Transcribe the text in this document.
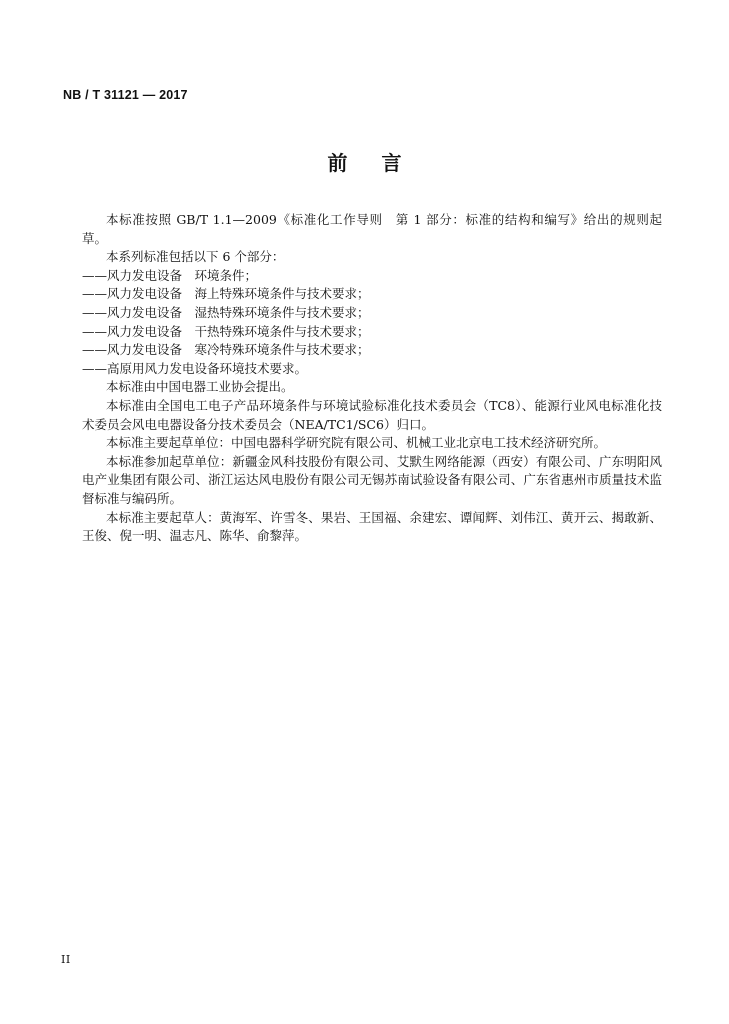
NB / T 31121 — 2017
前言

本标准按照 GB/T 1.1—2009《标准化工作导则　第 1 部分：标准的结构和编写》给出的规则起草。

本系列标准包括以下 6 个部分：

——风力发电设备　环境条件；

——风力发电设备　海上特殊环境条件与技术要求；

——风力发电设备　湿热特殊环境条件与技术要求；

——风力发电设备　干热特殊环境条件与技术要求；

——风力发电设备　寒冷特殊环境条件与技术要求；

——高原用风力发电设备环境技术要求。

本标准由中国电器工业协会提出。

本标准由全国电工电子产品环境条件与环境试验标准化技术委员会（TC8）、能源行业风电标准化技术委员会风电电器设备分技术委员会（NEA/TC1/SC6）归口。

本标准主要起草单位：中国电器科学研究院有限公司、机械工业北京电工技术经济研究所。

本标准参加起草单位：新疆金风科技股份有限公司、艾默生网络能源（西安）有限公司、广东明阳风电产业集团有限公司、浙江运达风电股份有限公司无锡苏南试验设备有限公司、广东省惠州市质量技术监督标准与编码所。

本标准主要起草人：黄海军、许雪冬、果岩、王国福、余建宏、谭闻辉、刘伟江、黄开云、揭敢新、王俊、倪一明、温志凡、陈华、俞黎萍。

II
